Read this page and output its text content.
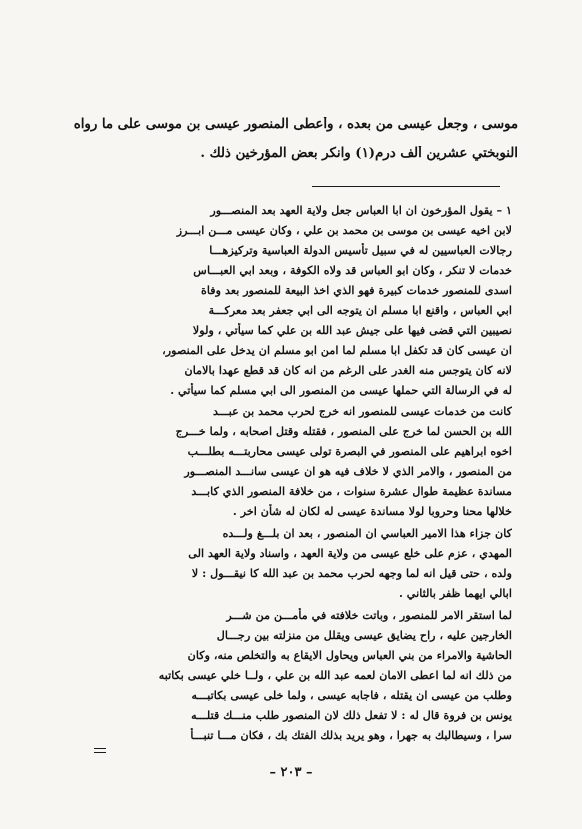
موسى ، وجعل عيسى من بعده ، وأعطى المنصور عيسى بن موسى على ما رواه
النوبختي عشرين ألف درم(١) وانكر بعض المؤرخين ذلك .
١ – يقول المؤرخون ان ابا العباس جعل ولاية العهد بعد المنصـــور
لابن اخيه عيسى بن موسى بن محمد بن علي ، وكان عيسى مـــن ابـــرز
رجالات العباسيين له في سبيل تأسيس الدولة العباسية وتركيزهـــا
خدمات لا تنكر ، وكان ابو العباس قد ولاه الكوفة ، وبعد ابي العبـــاس
اسدى للمنصور خدمات كبيرة فهو الذي اخذ البيعة للمنصور بعد وفاة
ابي العباس ، واقنع ابا مسلم ان يتوجه الى ابي جعفر بعد معركـــة
نصيبين التي قضى فيها على جيش عبد الله بن علي كما سيأتي ، ولولا
ان عيسى كان قد تكفل ابا مسلم لما امن ابو مسلم ان يدخل على المنصور،
لانه كان يتوجس منه الغدر على الرغم من انه كان قد قطع عهدا بالامان
له في الرسالة التي حملها عيسى من المنصور الى ابي مسلم كما سيأتي .
كانت من خدمات عيسى للمنصور انه خرج لحرب محمد بن عبـــد
الله بن الحسن لما خرج على المنصور ، فقتله وقتل اصحابه ، ولما خـــرج
اخوه ابراهيم على المنصور في البصرة تولى عيسى محاربتـــه بطلـــب
من المنصور ، والامر الذي لا خلاف فيه هو ان عيسى سانـــد المنصـــور
مساندة عظيمة طوال عشرة سنوات ، من خلافة المنصور الذي كابـــد
خلالها محنا وحروبا لولا مساندة عيسى له لكان له شأن اخر .
كان جزاء هذا الامير العباسي ان المنصور ، بعد ان بلـــغ ولـــده
المهدي ، عزم على خلع عيسى من ولاية العهد ، واسناد ولاية العهد الى
ولده ، حتى قيل انه لما وجهه لحرب محمد بن عبد الله كا نيقـــول : لا
ابالي ايهما ظفر بالثاني .
لما استقر الامر للمنصور ، وباتت خلافته في مأمـــن من شـــر
الخارجين عليه ، راح يضايق عيسى ويقلل من منزلته بين رجـــال
الحاشية والامراء من بني العباس ويحاول الايقاع به والتخلص منه، وكان
من ذلك انه لما اعطى الامان لعمه عبد الله بن علي ، ولــا خلي عيسى بكاتبه
وطلب من عيسى ان يقتله ، فاجابه عيسى ، ولما خلى عيسى بكاتبـــه
يونس بن فروة قال له : لا تفعل ذلك لان المنصور طلب منـــك قتلـــه
سرا ، وسيطالبك به جهرا ، وهو يريد بذلك الفتك بك ، فكان مـــا تنبـــأ
– ٢٠٣ –
